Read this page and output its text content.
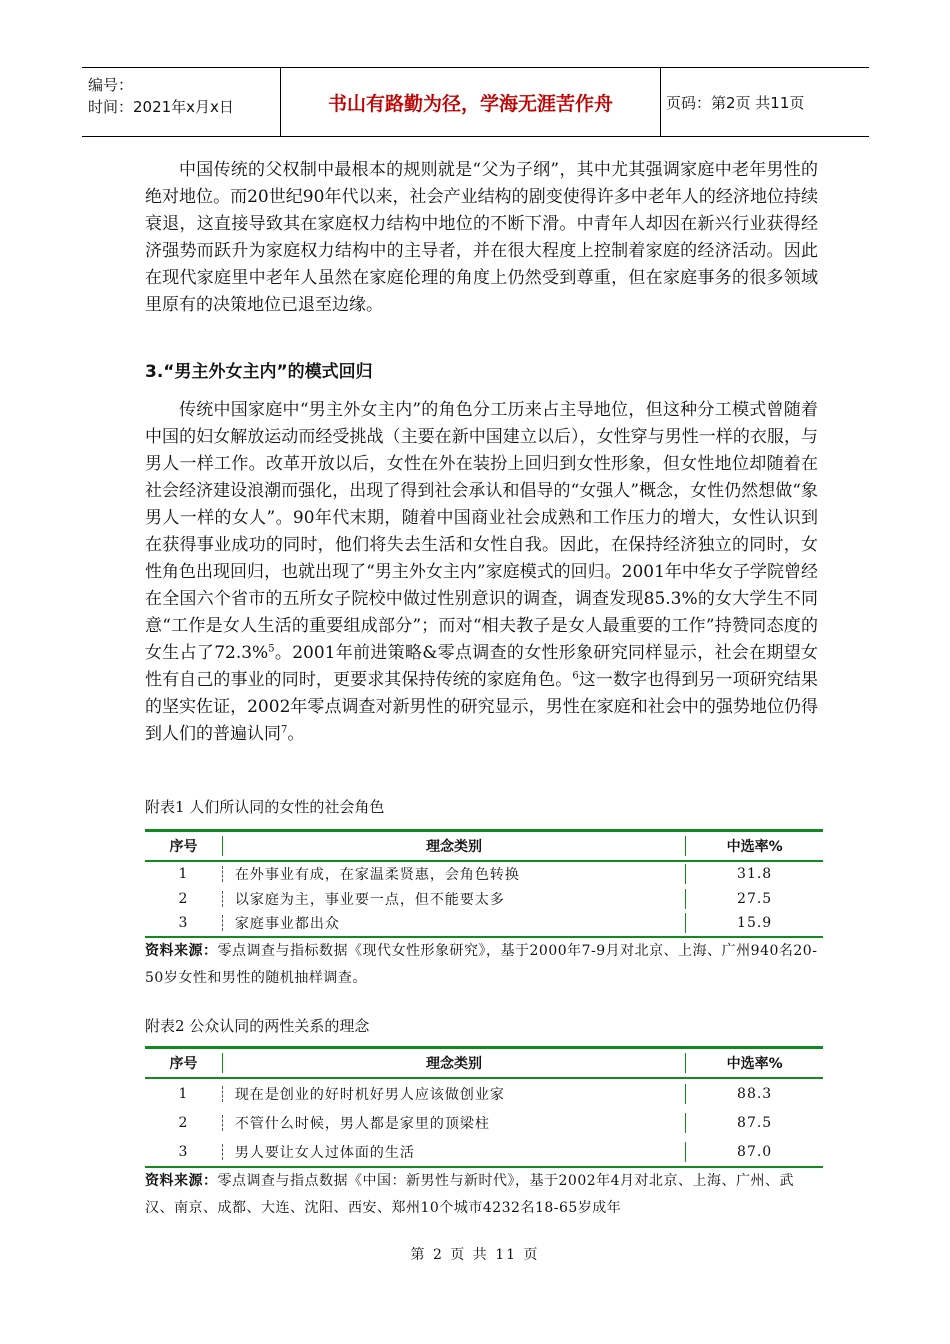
编号：
时间：2021年x月x日	书山有路勤为径，学海无涯苦作舟	页码：第2页 共11页

中国传统的父权制中最根本的规则就是“父为子纲”，其中尤其强调家庭中老年男性的绝对地位。而20世纪90年代以来，社会产业结构的剧变使得许多中老年人的经济地位持续衰退，这直接导致其在家庭权力结构中地位的不断下滑。中青年人却因在新兴行业获得经济强势而跃升为家庭权力结构中的主导者，并在很大程度上控制着家庭的经济活动。因此在现代家庭里中老年人虽然在家庭伦理的角度上仍然受到尊重，但在家庭事务的很多领域里原有的决策地位已退至边缘。

3.“男主外女主内”的模式回归

传统中国家庭中“男主外女主内”的角色分工历来占主导地位，但这种分工模式曾随着中国的妇女解放运动而经受挑战（主要在新中国建立以后），女性穿与男性一样的衣服，与男人一样工作。改革开放以后，女性在外在装扮上回归到女性形象，但女性地位却随着在社会经济建设浪潮而强化，出现了得到社会承认和倡导的“女强人”概念，女性仍然想做“象男人一样的女人”。90年代末期，随着中国商业社会成熟和工作压力的增大，女性认识到在获得事业成功的同时，他们将失去生活和女性自我。因此，在保持经济独立的同时，女性角色出现回归，也就出现了“男主外女主内”家庭模式的回归。2001年中华女子学院曾经在全国六个省市的五所女子院校中做过性别意识的调查，调查发现85.3%的女大学生不同意“工作是女人生活的重要组成部分”；而对“相夫教子是女人最重要的工作”持赞同态度的女生占了72.3%$^5$。2001年前进策略&零点调查的女性形象研究同样显示，社会在期望女性有自己的事业的同时，更要求其保持传统的家庭角色。$^6$这一数字也得到另一项研究结果的坚实佐证，2002年零点调查对新男性的研究显示，男性在家庭和社会中的强势地位仍得到人们的普遍认同$^7$。

附表1 人们所认同的女性的社会角色

序号	理念类别	中选率%
1	在外事业有成，在家温柔贤惠，会角色转换	31.8
2	以家庭为主，事业要一点，但不能要太多	27.5
3	家庭事业都出众	15.9

资料来源：零点调查与指标数据《现代女性形象研究》，基于2000年7-9月对北京、上海、广州940名20-50岁女性和男性的随机抽样调查。

附表2 公众认同的两性关系的理念

序号	理念类别	中选率%
1	现在是创业的好时机好男人应该做创业家	88.3
2	不管什么时候，男人都是家里的顶梁柱	87.5
3	男人要让女人过体面的生活	87.0

资料来源：零点调查与指点数据《中国：新男性与新时代》，基于2002年4月对北京、上海、广州、武汉、南京、成都、大连、沈阳、西安、郑州10个城市4232名18-65岁成年

第 2 页 共 11 页
